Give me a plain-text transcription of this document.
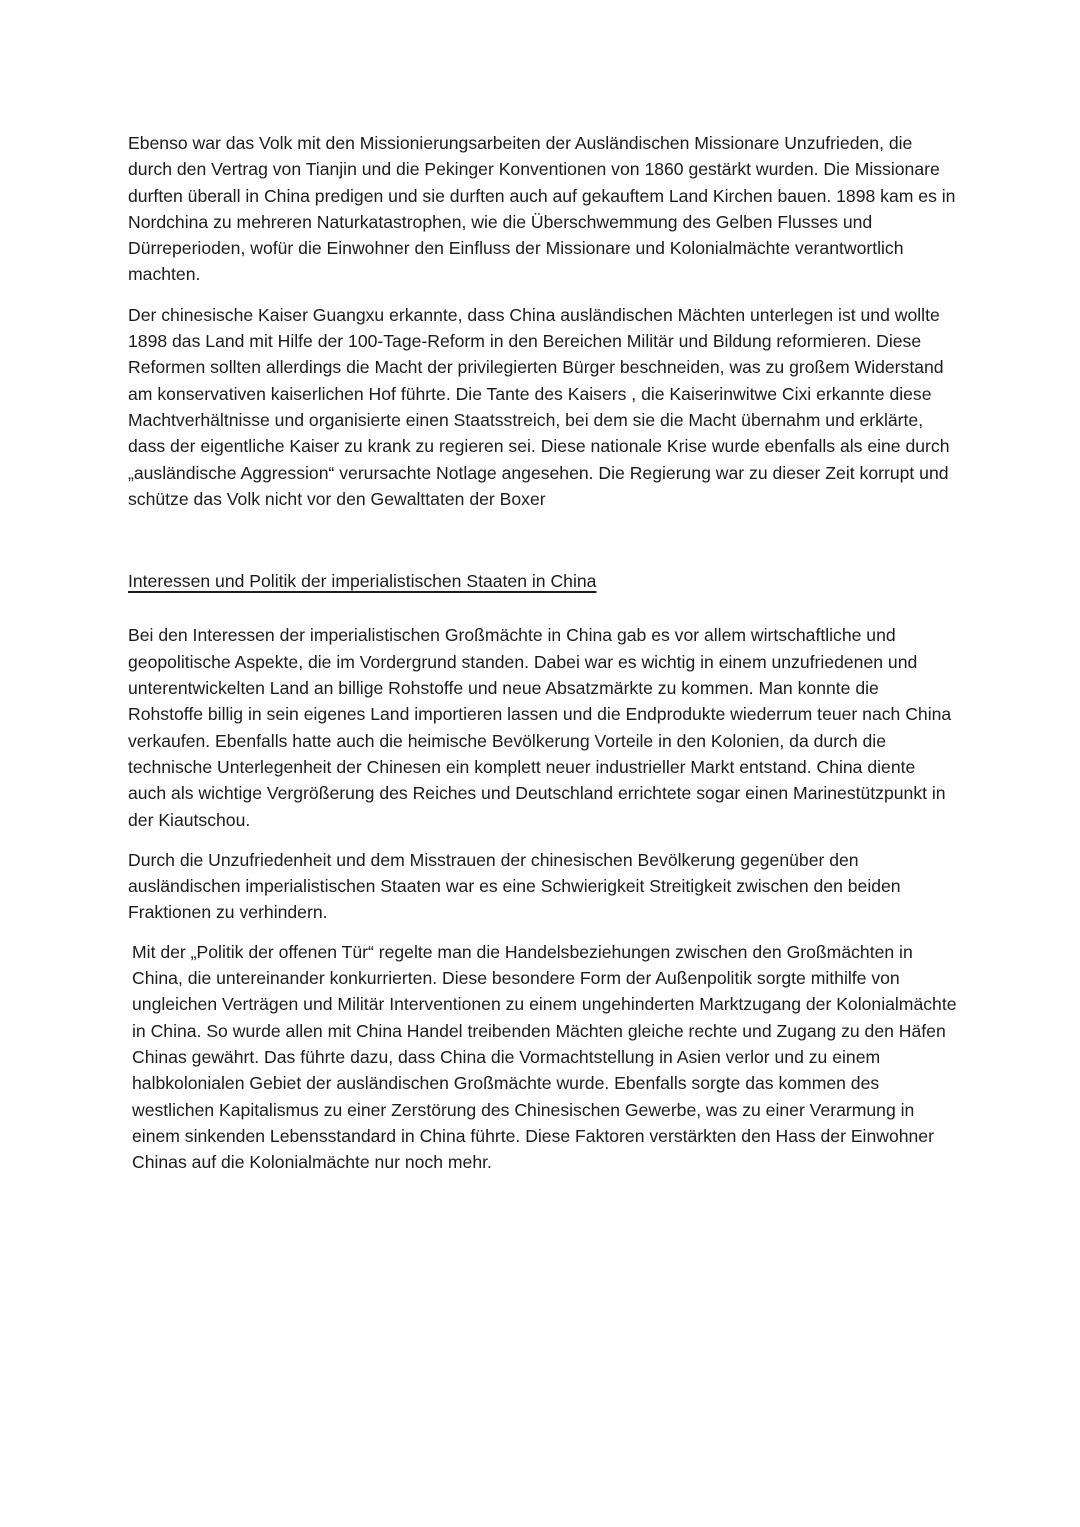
Ebenso war das Volk mit den Missionierungsarbeiten der Ausländischen Missionare Unzufrieden, die durch den Vertrag von Tianjin und die Pekinger Konventionen von 1860 gestärkt wurden. Die Missionare durften überall in China predigen und sie durften auch auf gekauftem Land Kirchen bauen. 1898 kam es in Nordchina zu mehreren Naturkatastrophen, wie die Überschwemmung des Gelben Flusses und Dürreperioden, wofür die Einwohner den Einfluss der Missionare und Kolonialmächte verantwortlich machten.

Der chinesische Kaiser Guangxu erkannte, dass China ausländischen Mächten unterlegen ist und wollte 1898 das Land mit Hilfe der 100-Tage-Reform in den Bereichen Militär und Bildung reformieren. Diese Reformen sollten allerdings die Macht der privilegierten Bürger beschneiden, was zu großem Widerstand am konservativen kaiserlichen Hof führte. Die Tante des Kaisers , die Kaiserinwitwe Cixi erkannte diese Machtverhältnisse und organisierte einen Staatsstreich, bei dem sie die Macht übernahm und erklärte, dass der eigentliche Kaiser zu krank zu regieren sei. Diese nationale Krise wurde ebenfalls als eine durch „ausländische Aggression“ verursachte Notlage angesehen. Die Regierung war zu dieser Zeit korrupt und schütze das Volk nicht vor den Gewalttaten der Boxer

Interessen und Politik der imperialistischen Staaten in China

Bei den Interessen der imperialistischen Großmächte in China gab es vor allem wirtschaftliche und geopolitische Aspekte, die im Vordergrund standen. Dabei war es wichtig in einem unzufriedenen und unterentwickelten Land an billige Rohstoffe und neue Absatzmärkte zu kommen. Man konnte die Rohstoffe billig in sein eigenes Land importieren lassen und die Endprodukte wiederrum teuer nach China verkaufen. Ebenfalls hatte auch die heimische Bevölkerung Vorteile in den Kolonien, da durch die technische Unterlegenheit der Chinesen ein komplett neuer industrieller Markt entstand. China diente auch als wichtige Vergrößerung des Reiches und Deutschland errichtete sogar einen Marinestützpunkt in der Kiautschou.

Durch die Unzufriedenheit und dem Misstrauen der chinesischen Bevölkerung gegenüber den ausländischen imperialistischen Staaten war es eine Schwierigkeit Streitigkeit zwischen den beiden Fraktionen zu verhindern.

Mit der „Politik der offenen Tür“ regelte man die Handelsbeziehungen zwischen den Großmächten in China, die untereinander konkurrierten. Diese besondere Form der Außenpolitik sorgte mithilfe von ungleichen Verträgen und Militär Interventionen zu einem ungehinderten Marktzugang der Kolonialmächte in China. So wurde allen mit China Handel treibenden Mächten gleiche rechte und Zugang zu den Häfen Chinas gewährt. Das führte dazu, dass China die Vormachtstellung in Asien verlor und zu einem halbkolonialen Gebiet der ausländischen Großmächte wurde. Ebenfalls sorgte das kommen des westlichen Kapitalismus zu einer Zerstörung des Chinesischen Gewerbe, was zu einer Verarmung in einem sinkenden Lebensstandard in China führte. Diese Faktoren verstärkten den Hass der Einwohner Chinas auf die Kolonialmächte nur noch mehr.
